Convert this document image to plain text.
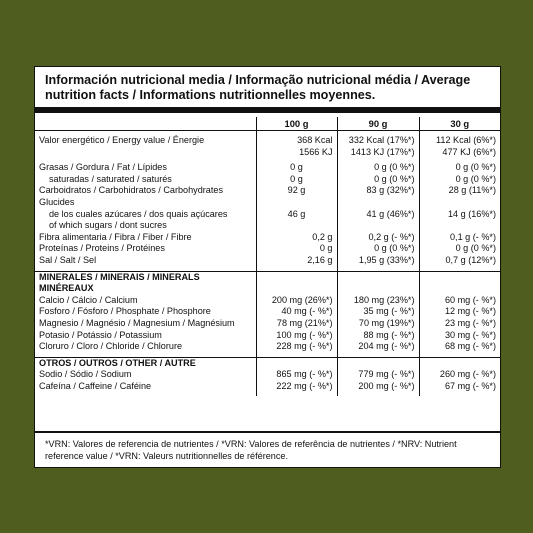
Información nutricional media / Informação nutricional média / Average nutrition facts / Informations nutritionnelles moyennes.
	100 g	90 g	30 g

Valor energético / Energy value / Énergie	368 Kcal	332 Kcal (17%*)	112 Kcal (6%*)
	1566 KJ	1413 KJ (17%*)	477 KJ (6%*)

Grasas / Gordura / Fat / Lípides	0 g	0 g (0 %*)	0 g (0 %*)
saturadas / saturated / saturés	0 g	0 g (0 %*)	0 g (0 %*)
Carboidratos / Carbohidratos / Carbohydrates	92 g	83 g (32%*)	28 g (11%*)
Glucides			
de los cuales azúcares / dos quais açúcares	46 g	41 g (46%*)	14 g (16%*)
of which sugars / dont sucres			
Fibra alimentaria / Fibra / Fiber / Fibre	0,2 g	0,2 g (- %*)	0,1 g (- %*)
Proteínas / Proteins / Protéines	0 g	0 g (0 %*)	0 g (0 %*)
Sal / Salt / Sel	2,16 g	1,95 g (33%*)	0,7 g (12%*)

MINERALES / MINERAIS / MINERALS			
MINÉREAUX			
Calcio / Cálcio / Calcium	200 mg (26%*)	180 mg (23%*)	60 mg (- %*)
Fosforo / Fósforo / Phosphate / Phosphore	40 mg (- %*)	35 mg (- %*)	12 mg (- %*)
Magnesio / Magnésio / Magnesium / Magnésium	78 mg (21%*)	70 mg (19%*)	23 mg (- %*)
Potasio / Potássio / Potassium	100 mg (- %*)	88 mg (- %*)	30 mg (- %*)
Cloruro / Cloro / Chloride / Chlorure	228 mg (- %*)	204 mg (- %*)	68 mg (- %*)

OTROS / OUTROS / OTHER / AUTRE			
Sodio / Sódio / Sodium	865 mg (- %*)	779 mg (- %*)	260 mg (- %*)
Cafeína / Caffeine / Caféine	222 mg (- %*)	200 mg (- %*)	67 mg (- %*)

*VRN: Valores de referencia de nutrientes / *VRN: Valores de referência de nutrientes / *NRV: Nutrient reference value / *VRN: Valeurs nutritionnelles de référence.
